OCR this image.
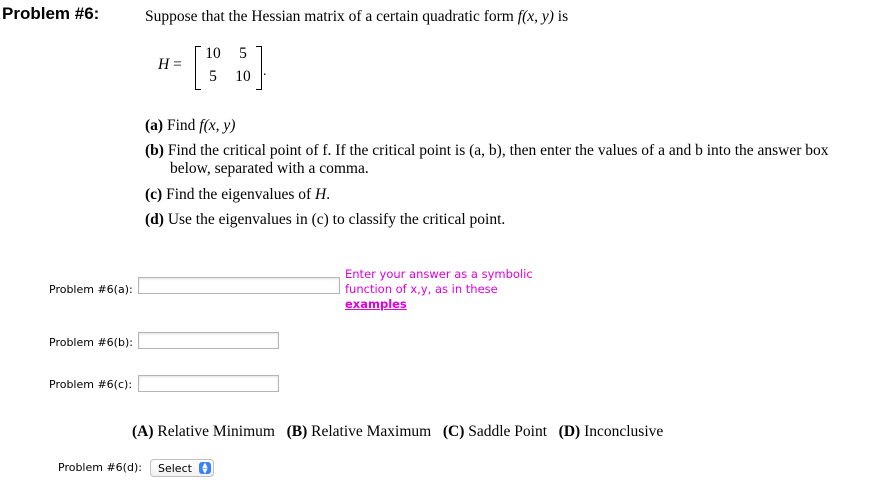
Problem #6:	Suppose that the Hessian matrix of a certain quadratic form f(x, y) is
H =
10	5
5	10 .
(a) Find f(x, y)
(b) Find the critical point of f. If the critical point is (a, b), then enter the values of a and b into the answer box
below, separated with a comma.
(c) Find the eigenvalues of H.
(d) Use the eigenvalues in (c) to classify the critical point.
Problem #6(a):
Enter your answer as a symbolic
function of x,y, as in these
examples
Problem #6(b):
Problem #6(c):
(A) Relative Minimum (B) Relative Maximum (C) Saddle Point (D) Inconclusive
Problem #6(d): Select	▲
▼
